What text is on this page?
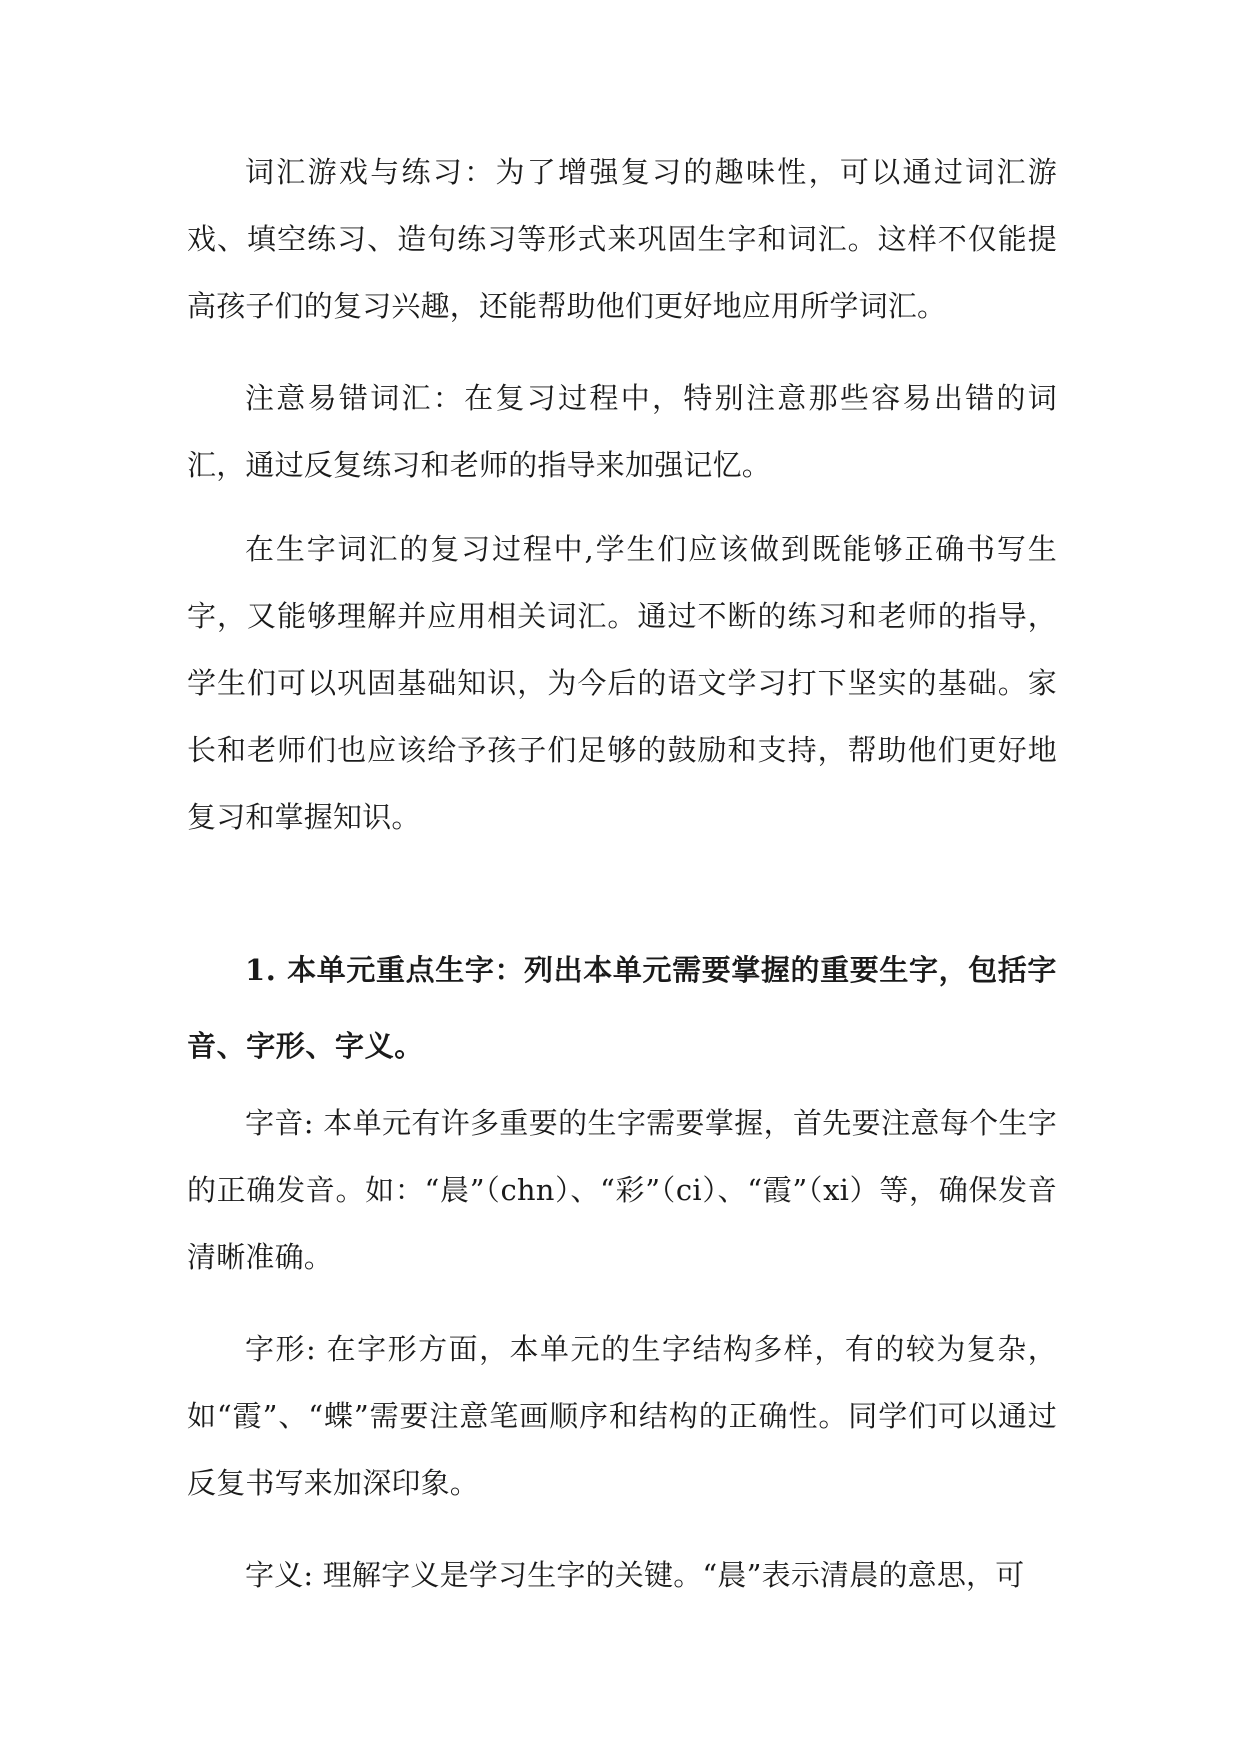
词汇游戏与练习：为了增强复习的趣味性，可以通过词汇游戏、填空练习、造句练习等形式来巩固生字和词汇。这样不仅能提高孩子们的复习兴趣，还能帮助他们更好地应用所学词汇。

注意易错词汇：在复习过程中，特别注意那些容易出错的词汇，通过反复练习和老师的指导来加强记忆。

在生字词汇的复习过程中,学生们应该做到既能够正确书写生字，又能够理解并应用相关词汇。通过不断的练习和老师的指导，学生们可以巩固基础知识，为今后的语文学习打下坚实的基础。家长和老师们也应该给予孩子们足够的鼓励和支持，帮助他们更好地复习和掌握知识。

1. 本单元重点生字：列出本单元需要掌握的重要生字，包括字音、字形、字义。

字音: 本单元有许多重要的生字需要掌握，首先要注意每个生字的正确发音。如：“晨”（chn）、“彩”（ci）、“霞”（xi）等，确保发音清晰准确。

字形: 在字形方面，本单元的生字结构多样，有的较为复杂，如“霞”、“蝶”需要注意笔画顺序和结构的正确性。同学们可以通过反复书写来加深印象。

字义: 理解字义是学习生字的关键。“晨”表示清晨的意思，可
